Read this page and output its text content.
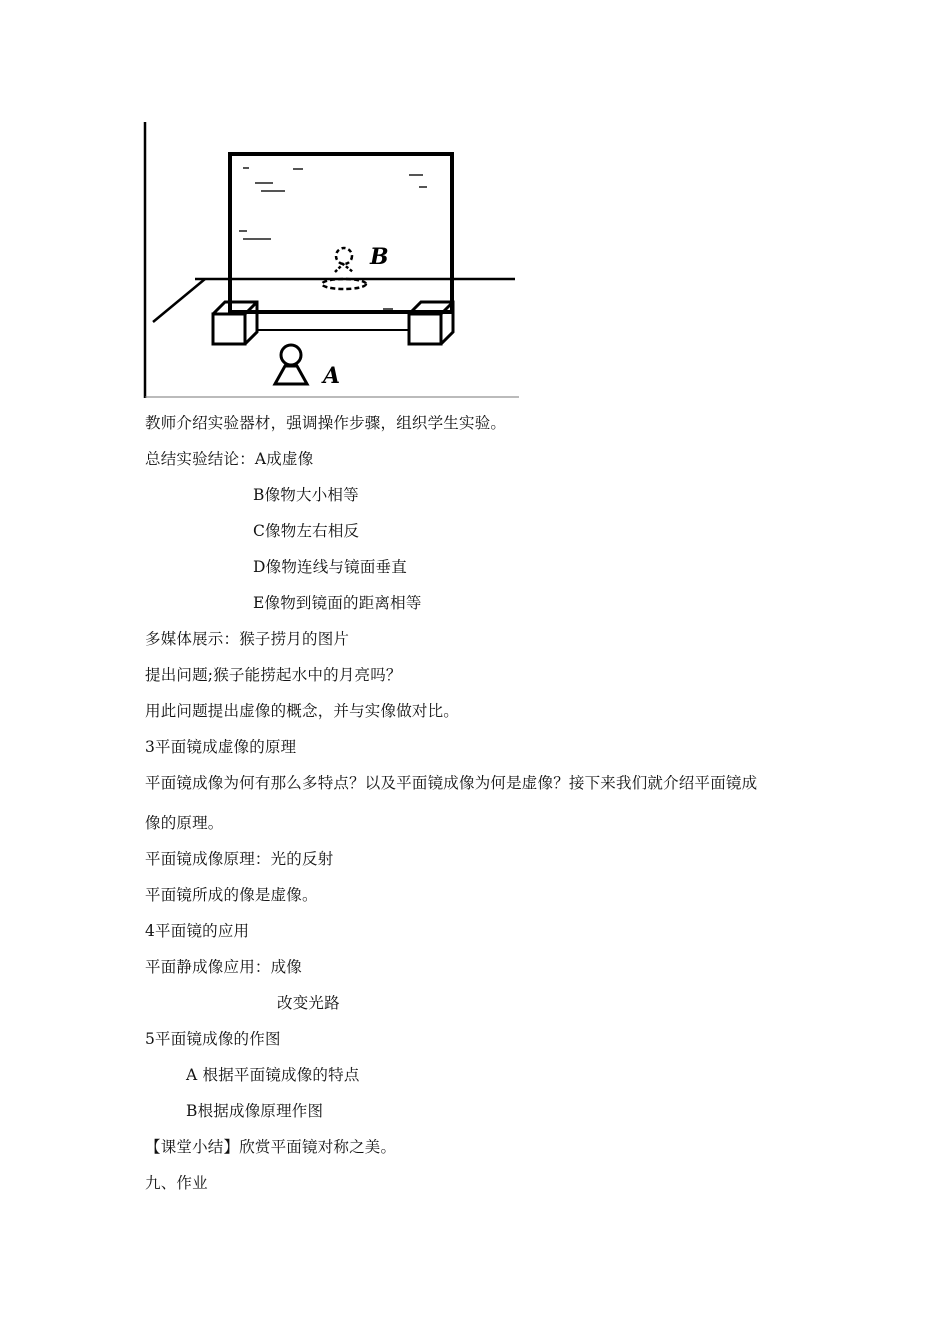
B
A
教师介绍实验器材，强调操作步骤，组织学生实验。
总结实验结论：A成虚像
B像物大小相等
C像物左右相反
D像物连线与镜面垂直
E像物到镜面的距离相等
多媒体展示：猴子捞月的图片
提出问题;猴子能捞起水中的月亮吗？
用此问题提出虚像的概念，并与实像做对比。
3平面镜成虚像的原理
平面镜成像为何有那么多特点？以及平面镜成像为何是虚像？接下来我们就介绍平面镜成
像的原理。
平面镜成像原理：光的反射
平面镜所成的像是虚像。
4平面镜的应用
平面静成像应用：成像
改变光路
5平面镜成像的作图
A 根据平面镜成像的特点
B根据成像原理作图
【课堂小结】欣赏平面镜对称之美。
九、作业
